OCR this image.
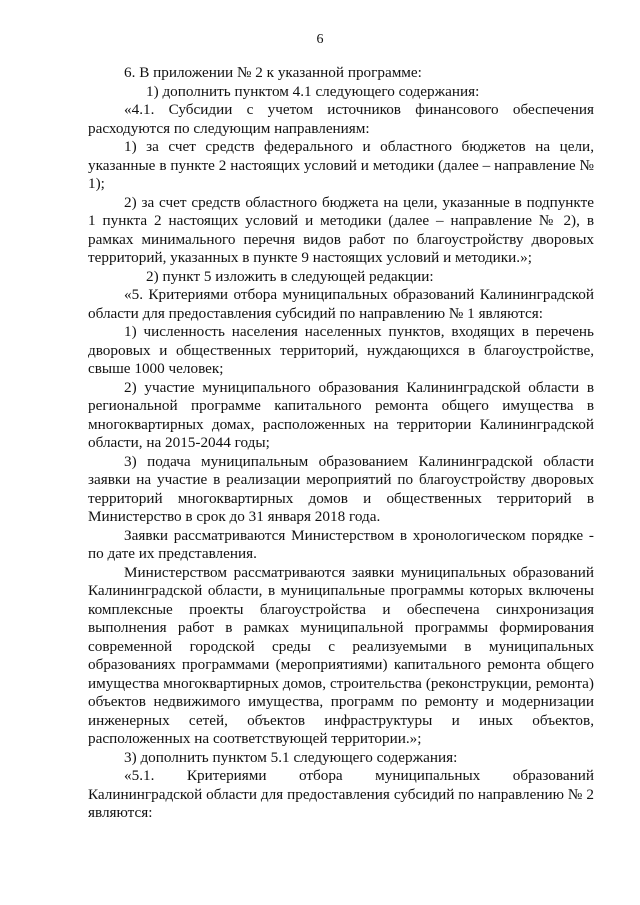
6

6. В приложении № 2 к указанной программе:

1) дополнить пунктом 4.1 следующего содержания:

«4.1. Субсидии с учетом источников финансового обеспечения расходуются по следующим направлениям:

1) за счет средств федерального и областного бюджетов на цели, указанные в пункте 2 настоящих условий и методики (далее – направление № 1);

2) за счет средств областного бюджета на цели, указанные в подпункте 1 пункта 2 настоящих условий и методики (далее – направление № 2), в рамках минимального перечня видов работ по благоустройству дворовых территорий, указанных в пункте 9 настоящих условий и методики.»;

2) пункт 5 изложить в следующей редакции:

«5. Критериями отбора муниципальных образований Калининградской области для предоставления субсидий по направлению № 1 являются:

1) численность населения населенных пунктов, входящих в перечень дворовых и общественных территорий, нуждающихся в благоустройстве, свыше 1000 человек;

2) участие муниципального образования Калининградской области в региональной программе капитального ремонта общего имущества в многоквартирных домах, расположенных на территории Калининградской области, на 2015-2044 годы;

3) подача муниципальным образованием Калининградской области заявки на участие в реализации мероприятий по благоустройству дворовых территорий многоквартирных домов и общественных территорий в Министерство в срок до 31 января 2018 года.

Заявки рассматриваются Министерством в хронологическом порядке - по дате их представления.

Министерством рассматриваются заявки муниципальных образований Калининградской области, в муниципальные программы которых включены комплексные проекты благоустройства и обеспечена синхронизация выполнения работ в рамках муниципальной программы формирования современной городской среды с реализуемыми в муниципальных образованиях программами (мероприятиями) капитального ремонта общего имущества многоквартирных домов, строительства (реконструкции, ремонта) объектов недвижимого имущества, программ по ремонту и модернизации инженерных сетей, объектов инфраструктуры и иных объектов, расположенных на соответствующей территории.»;

3) дополнить пунктом 5.1 следующего содержания:

«5.1. Критериями отбора муниципальных образований Калининградской области для предоставления субсидий по направлению № 2 являются:
